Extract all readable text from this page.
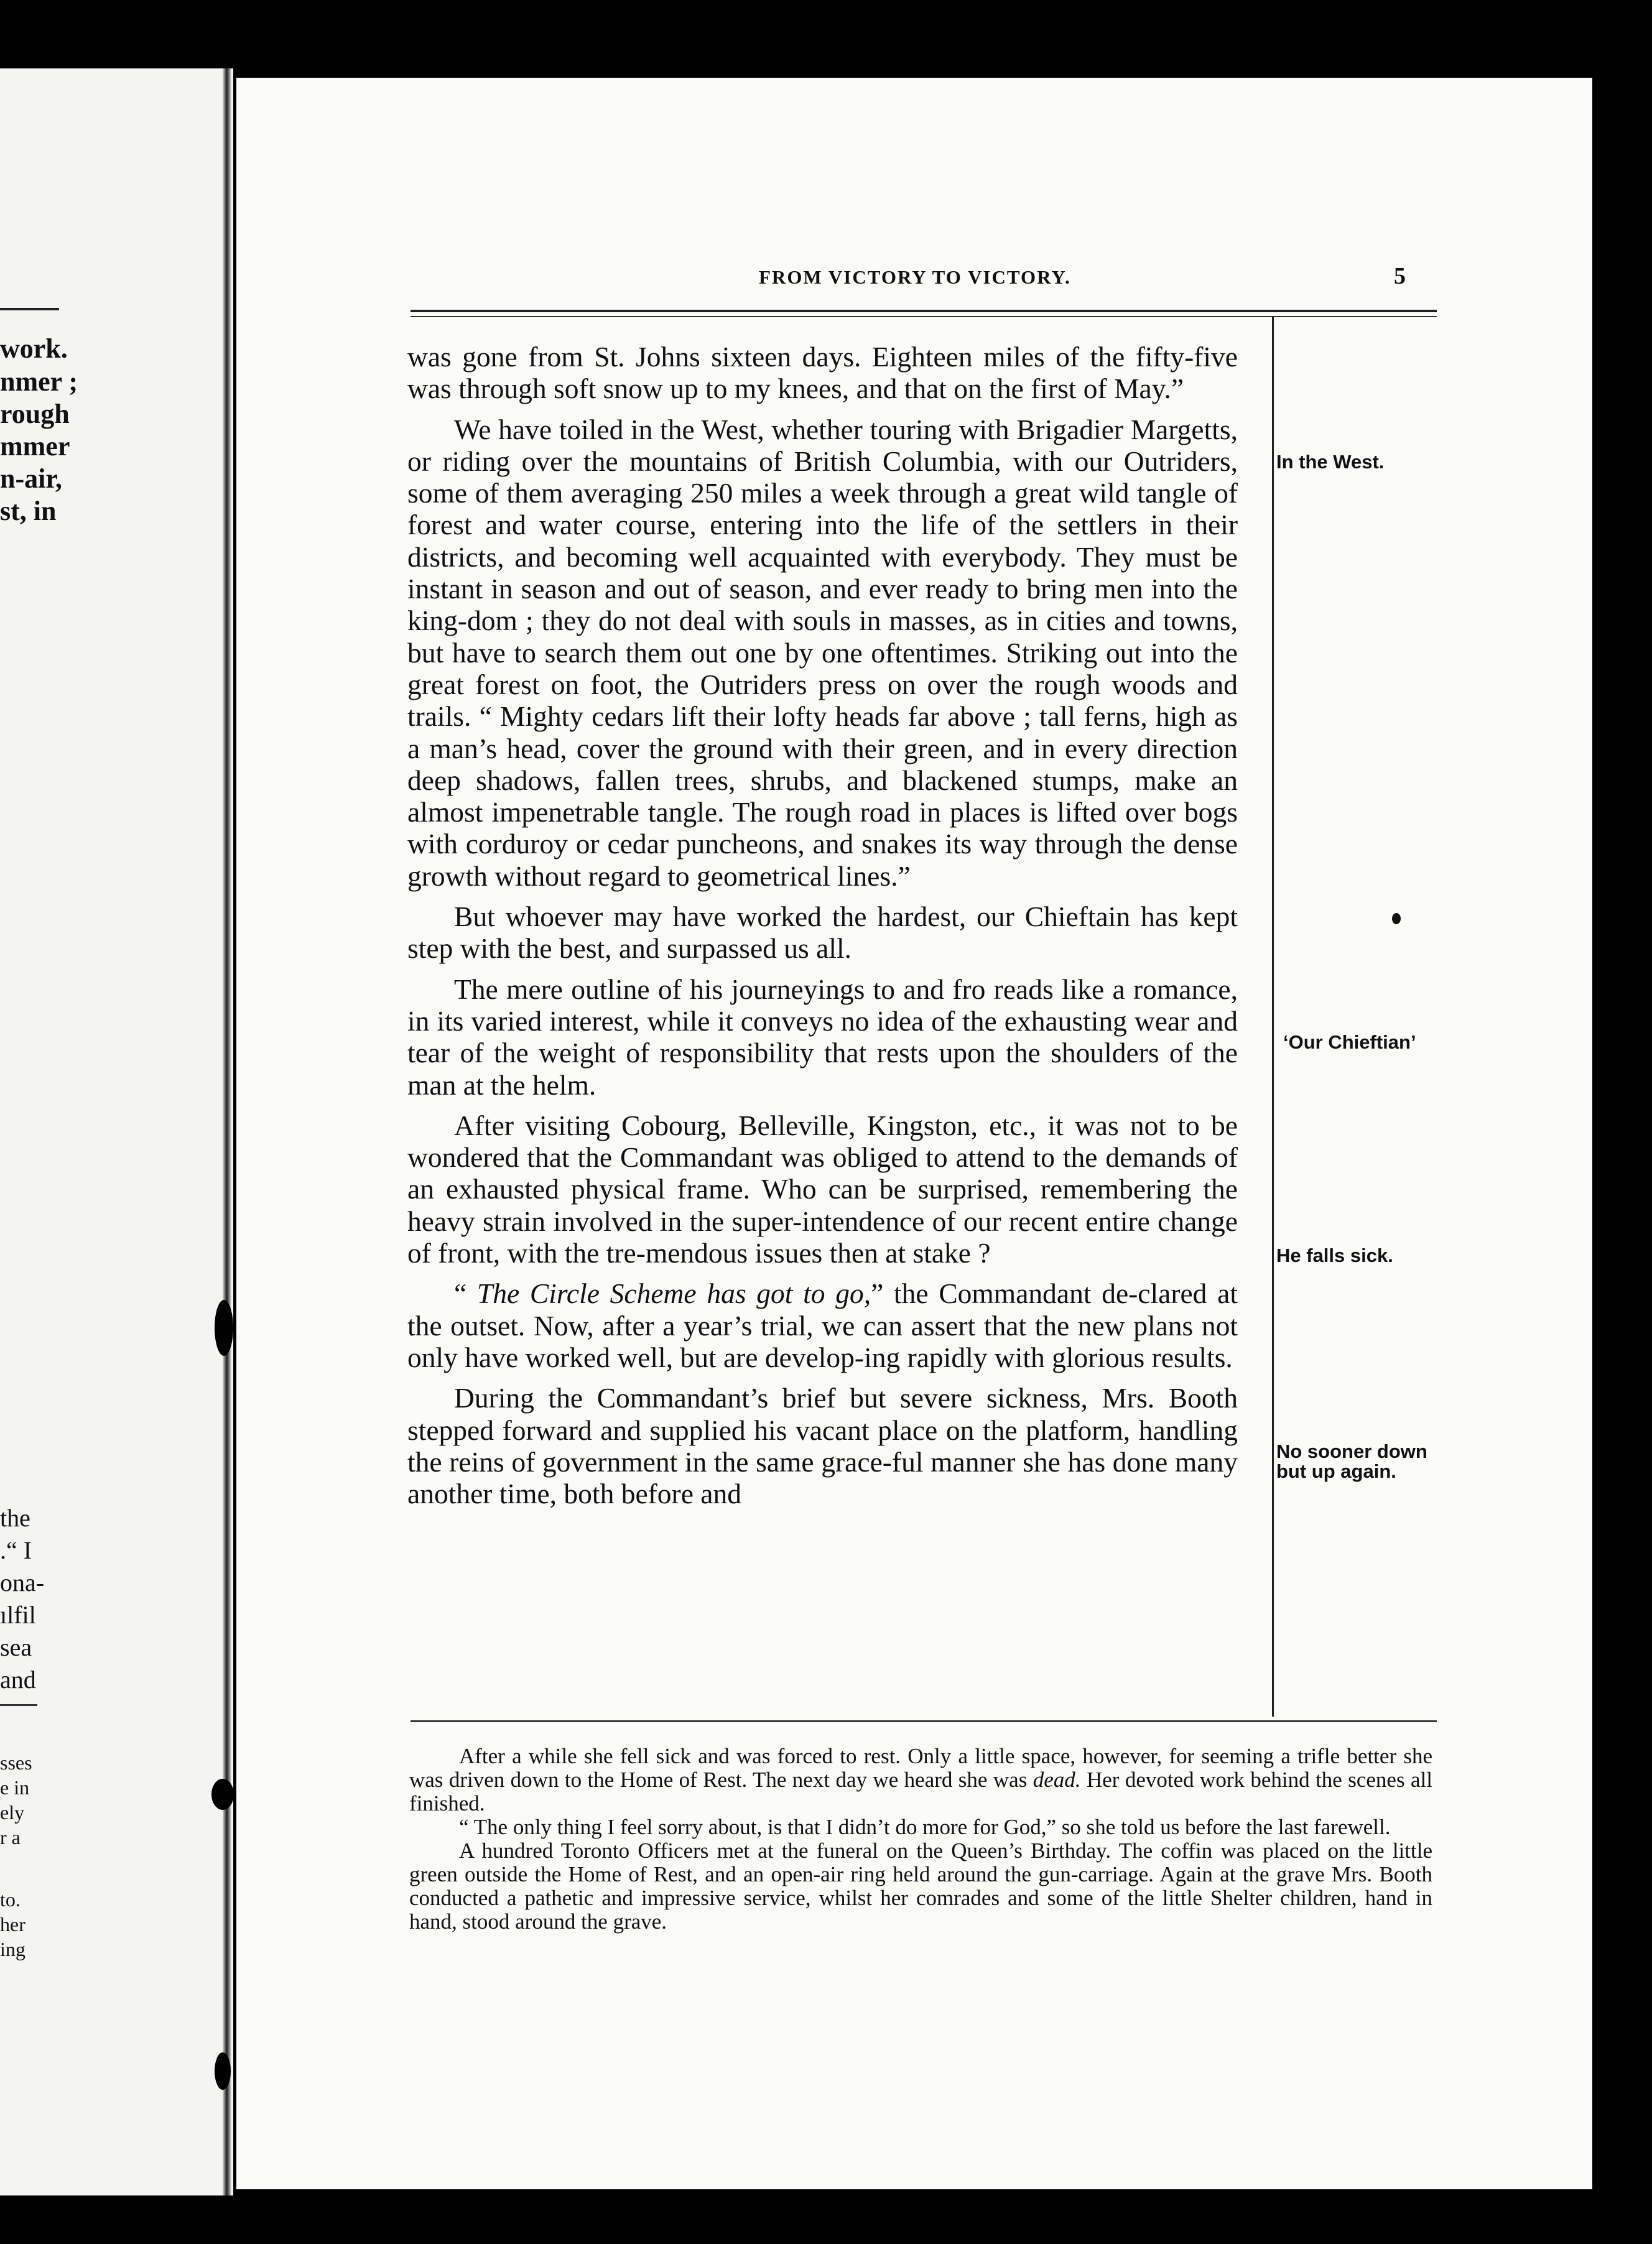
work.
nmer ;
rough
mmer
n-air,
st, in
the
.“ I
ona-
ılfil
sea
and
sses
e in
ely
r a
to.
her
ing
FROM VICTORY TO VICTORY.	5

was gone from St. Johns sixteen days. Eighteen miles of the fifty-five was through soft snow up to my knees, and that on the first of May.”

We have toiled in the West, whether touring with Brigadier Margetts, or riding over the mountains of British Columbia, with our Outriders, some of them averaging 250 miles a week through a great wild tangle of forest and water course, entering into the life of the settlers in their districts, and becoming well acquainted with everybody. They must be instant in season and out of season, and ever ready to bring men into the king-dom ; they do not deal with souls in masses, as in cities and towns, but have to search them out one by one oftentimes. Striking out into the great forest on foot, the Outriders press on over the rough woods and trails. “ Mighty cedars lift their lofty heads far above ; tall ferns, high as a man’s head, cover the ground with their green, and in every direction deep shadows, fallen trees, shrubs, and blackened stumps, make an almost impenetrable tangle. The rough road in places is lifted over bogs with corduroy or cedar puncheons, and snakes its way through the dense growth without regard to geometrical lines.”

But whoever may have worked the hardest, our Chieftain has kept step with the best, and surpassed us all.

The mere outline of his journeyings to and fro reads like a romance, in its varied interest, while it conveys no idea of the exhausting wear and tear of the weight of responsibility that rests upon the shoulders of the man at the helm.

After visiting Cobourg, Belleville, Kingston, etc., it was not to be wondered that the Commandant was obliged to attend to the demands of an exhausted physical frame. Who can be surprised, remembering the heavy strain involved in the super-intendence of our recent entire change of front, with the tre-mendous issues then at stake ?

“ The Circle Scheme has got to go,” the Commandant de-clared at the outset. Now, after a year’s trial, we can assert that the new plans not only have worked well, but are develop-ing rapidly with glorious results.

During the Commandant’s brief but severe sickness, Mrs. Booth stepped forward and supplied his vacant place on the platform, handling the reins of government in the same grace-ful manner she has done many another time, both before and

In the West.
‘Our Chieftian’
He falls sick.
No sooner down
but up again.

After a while she fell sick and was forced to rest. Only a little space, however, for seeming a trifle better she was driven down to the Home of Rest. The next day we heard she was dead. Her devoted work behind the scenes all finished.

“ The only thing I feel sorry about, is that I didn’t do more for God,” so she told us before the last farewell.

A hundred Toronto Officers met at the funeral on the Queen’s Birthday. The coffin was placed on the little green outside the Home of Rest, and an open-air ring held around the gun-carriage. Again at the grave Mrs. Booth conducted a pathetic and impressive service, whilst her comrades and some of the little Shelter children, hand in hand, stood around the grave.
